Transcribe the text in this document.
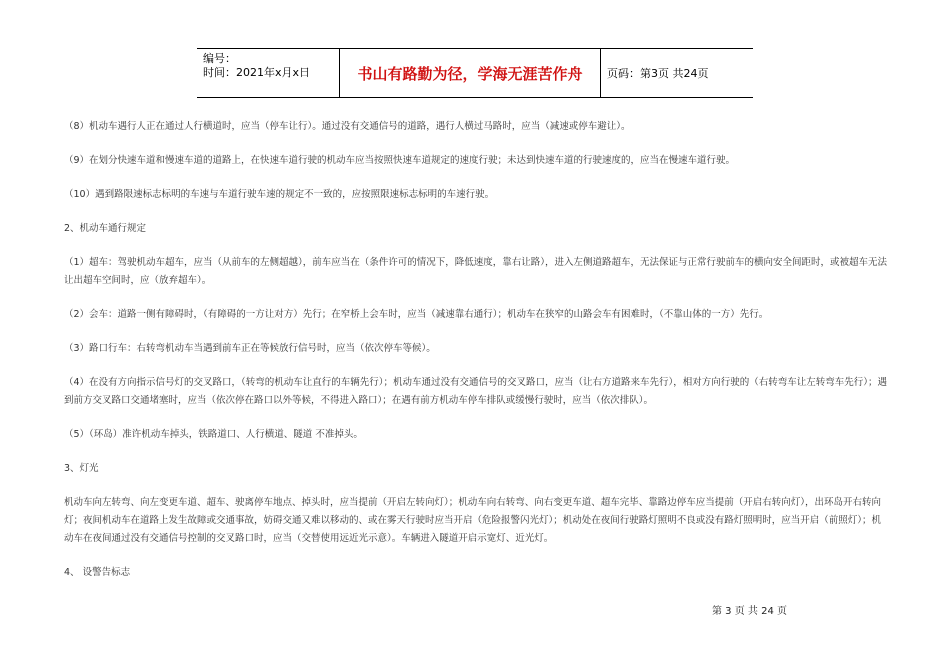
编号：
时间：2021年x月x日	书山有路勤为径，学海无涯苦作舟 页码：第3页 共24页

（8）机动车遇行人正在通过人行横道时，应当（停车让行）。通过没有交通信号的道路，遇行人横过马路时，应当（减速或停车避让）。

（9）在划分快速车道和慢速车道的道路上，在快速车道行驶的机动车应当按照快速车道规定的速度行驶；未达到快速车道的行驶速度的，应当在慢速车道行驶。

（10）遇到路限速标志标明的车速与车道行驶车速的规定不一致的，应按照限速标志标明的车速行驶。

2、机动车通行规定

（1）超车：驾驶机动车超车，应当（从前车的左侧超越），前车应当在（条件许可的情况下，降低速度，靠右让路），进入左侧道路超车，无法保证与正常行驶前车的横向安全间距时，或被超车无法让出超车空间时，应（放弃超车）。

（2）会车：道路一侧有障碍时，（有障碍的一方让对方）先行；在窄桥上会车时，应当（减速靠右通行）；机动车在狭窄的山路会车有困难时，（不靠山体的一方）先行。

（3）路口行车：右转弯机动车当遇到前车正在等候放行信号时，应当（依次停车等候）。

（4）在没有方向指示信号灯的交叉路口，（转弯的机动车让直行的车辆先行）；机动车通过没有交通信号的交叉路口，应当（让右方道路来车先行），相对方向行驶的（右转弯车让左转弯车先行）；遇到前方交叉路口交通堵塞时，应当（依次停在路口以外等候，不得进入路口）；在遇有前方机动车停车排队或缓慢行驶时，应当（依次排队）。

（5）（环岛）准许机动车掉头，铁路道口、人行横道、隧道 不准掉头。

3、灯光

机动车向左转弯、向左变更车道、超车、驶离停车地点、掉头时，应当提前（开启左转向灯）；机动车向右转弯、向右变更车道、超车完毕、靠路边停车应当提前（开启右转向灯），出环岛开右转向灯；夜间机动车在道路上发生故障或交通事故，妨碍交通又难以移动的、或在雾天行驶时应当开启（危险报警闪光灯）；机动处在夜间行驶路灯照明不良或没有路灯照明时，应当开启（前照灯）；机动车在夜间通过没有交通信号控制的交叉路口时，应当（交替使用远近光示意）。车辆进入隧道开启示宽灯、近光灯。

4、 设警告标志

第 3 页 共 24 页
